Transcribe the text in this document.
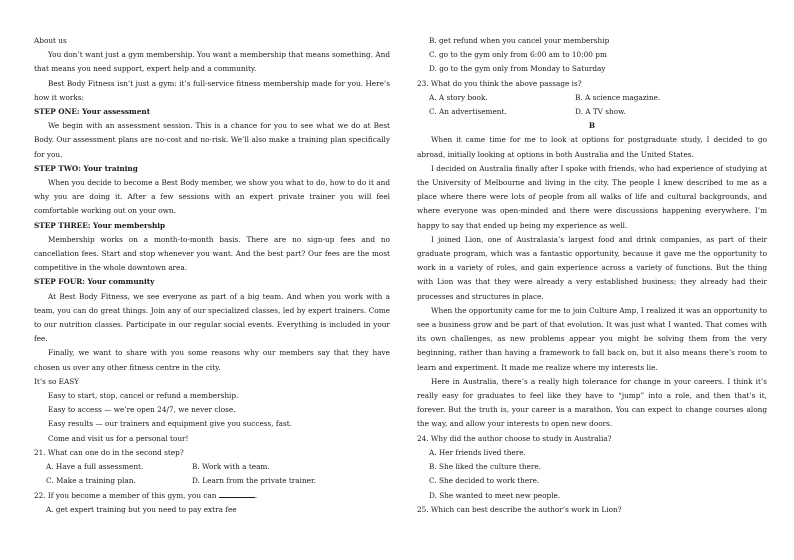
About us

You don’t want just a gym membership. You want a membership that means something. And that means you need support, expert help and a community.

Best Body Fitness isn’t just a gym: it’s full-service fitness membership made for you. Here’s how it works:

STEP ONE: Your assessment

We begin with an assessment session. This is a chance for you to see what we do at Best Body. Our assessment plans are no-cost and no-risk. We’ll also make a training plan specifically for you.

STEP TWO: Your training

When you decide to become a Best Body member, we show you what to do, how to do it and why you are doing it. After a few sessions with an expert private trainer you will feel comfortable working out on your own.

STEP THREE: Your membership

Membership works on a month-to-month basis. There are no sign-up fees and no cancellation fees. Start and stop whenever you want. And the best part? Our fees are the most competitive in the whole downtown area.

STEP FOUR: Your community

At Best Body Fitness, we see everyone as part of a big team. And when you work with a team, you can do great things. Join any of our specialized classes, led by expert trainers. Come to our nutrition classes. Participate in our regular social events. Everything is included in your fee.

Finally, we want to share with you some reasons why our members say that they have chosen us over any other fitness centre in the city.

It’s so EASY

Easy to start, stop, cancel or refund a membership.

Easy to access — we’re open 24/7, we never close.

Easy results — our trainers and equipment give you success, fast.

Come and visit us for a personal tour!

21. What can one do in the second step?

A. Have a full assessment.	B. Work with a team.
C. Make a training plan.	D. Learn from the private trainer.

22. If you become a member of this gym, you can	.

A. get expert training but you need to pay extra fee

B. get refund when you cancel your membership

C. go to the gym only from 6:00 am to 10:00 pm

D. go to the gym only from Monday to Saturday

23. What do you think the above passage is?

A. A story book.	B. A science magazine.
C. An advertisement.	D. A TV show.

B

When it came time for me to look at options for postgraduate study, I decided to go abroad, initially looking at options in both Australia and the United States.

I decided on Australia finally after I spoke with friends, who had experience of studying at the University of Melbourne and living in the city. The people I knew described to me as a place where there were lots of people from all walks of life and cultural backgrounds, and where everyone was open-minded and there were discussions happening everywhere. I’m happy to say that ended up being my experience as well.

I joined Lion, one of Australasia’s largest food and drink companies, as part of their graduate program, which was a fantastic opportunity, because it gave me the opportunity to work in a variety of roles, and gain experience across a variety of functions. But the thing with Lion was that they were already a very established business; they already had their processes and structures in place.

When the opportunity came for me to join Culture Amp, I realized it was an opportunity to see a business grow and be part of that evolution. It was just what I wanted. That comes with its own challenges, as new problems appear you might be solving them from the very beginning, rather than having a framework to fall back on, but it also means there’s room to learn and experiment. It made me realize where my interests lie.

Here in Australia, there’s a really high tolerance for change in your careers. I think it’s really easy for graduates to feel like they have to “jump” into a role, and then that’s it, forever. But the truth is, your career is a marathon. You can expect to change courses along the way, and allow your interests to open new doors.

24. Why did the author choose to study in Australia?

A. Her friends lived there.

B. She liked the culture there.

C. She decided to work there.

D. She wanted to meet new people.

25. Which can best describe the author’s work in Lion?
